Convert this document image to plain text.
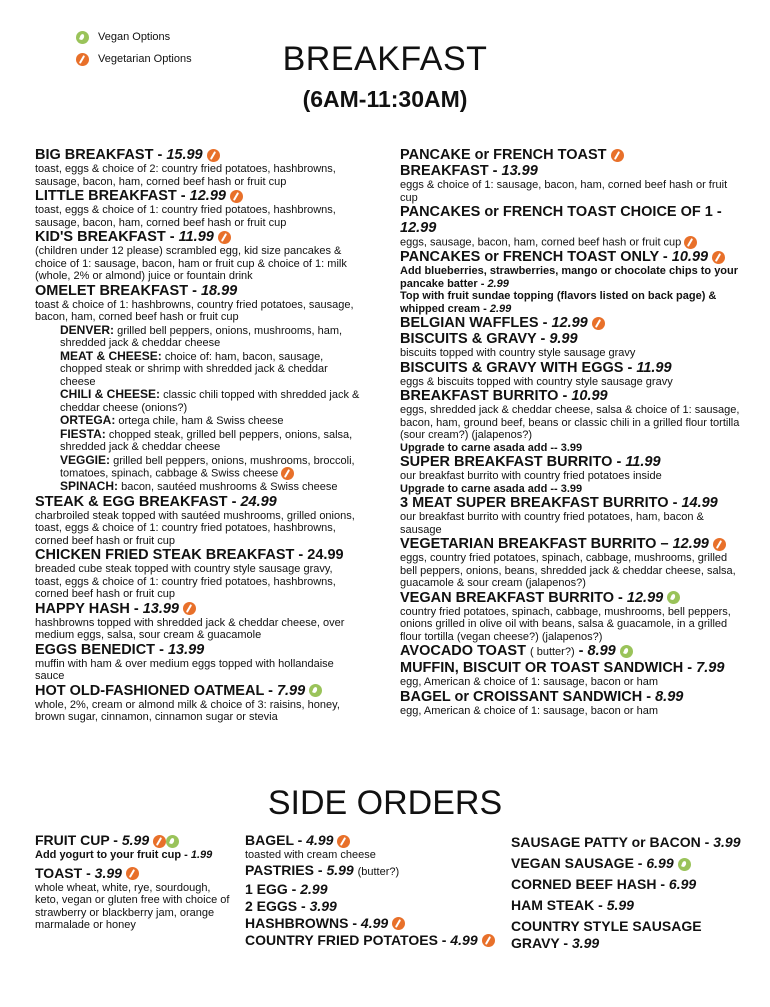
Vegan Options
Vegetarian Options	BREAKFAST
(6AM-11:30AM)
BIG BREAKFAST - 15.99
toast, eggs & choice of 2: country fried potatoes, hashbrowns, sausage, bacon, ham, corned beef hash or fruit cup
LITTLE BREAKFAST - 12.99
toast, eggs & choice of 1: country fried potatoes, hashbrowns, sausage, bacon, ham, corned beef hash or fruit cup
KID'S BREAKFAST - 11.99
(children under 12 please) scrambled egg, kid size pancakes & choice of 1: sausage, bacon, ham or fruit cup & choice of 1: milk (whole, 2% or almond) juice or fountain drink
OMELET BREAKFAST - 18.99
toast & choice of 1: hashbrowns, country fried potatoes, sausage, bacon, ham, corned beef hash or fruit cup
DENVER: grilled bell peppers, onions, mushrooms, ham, shredded jack & cheddar cheese
MEAT & CHEESE: choice of: ham, bacon, sausage, chopped steak or shrimp with shredded jack & cheddar cheese
CHILI & CHEESE: classic chili topped with shredded jack & cheddar cheese (onions?)
ORTEGA: ortega chile, ham & Swiss cheese
FIESTA: chopped steak, grilled bell peppers, onions, salsa, shredded jack & cheddar cheese
VEGGIE: grilled bell peppers, onions, mushrooms, broccoli, tomatoes, spinach, cabbage & Swiss cheese
SPINACH: bacon, sautéed mushrooms & Swiss cheese
STEAK & EGG BREAKFAST - 24.99
charbroiled steak topped with sautéed mushrooms, grilled onions, toast, eggs & choice of 1: country fried potatoes, hashbrowns, corned beef hash or fruit cup
CHICKEN FRIED STEAK BREAKFAST - 24.99
breaded cube steak topped with country style sausage gravy, toast, eggs & choice of 1: country fried potatoes, hashbrowns, corned beef hash or fruit cup
HAPPY HASH - 13.99
hashbrowns topped with shredded jack & cheddar cheese, over medium eggs, salsa, sour cream & guacamole
EGGS BENEDICT - 13.99
muffin with ham & over medium eggs topped with hollandaise sauce
HOT OLD-FASHIONED OATMEAL - 7.99
whole, 2%, cream or almond milk & choice of 3: raisins, honey, brown sugar, cinnamon, cinnamon sugar or stevia
PANCAKE or FRENCH TOAST
BREAKFAST - 13.99
eggs & choice of 1: sausage, bacon, ham, corned beef hash or fruit cup
PANCAKES or FRENCH TOAST CHOICE OF 1 - 12.99
eggs, sausage, bacon, ham, corned beef hash or fruit cup
PANCAKES or FRENCH TOAST ONLY - 10.99
Add blueberries, strawberries, mango or chocolate chips to your pancake batter - 2.99
Top with fruit sundae topping (flavors listed on back page) & whipped cream - 2.99
BELGIAN WAFFLES - 12.99
BISCUITS & GRAVY - 9.99
biscuits topped with country style sausage gravy
BISCUITS & GRAVY WITH EGGS - 11.99
eggs & biscuits topped with country style sausage gravy
BREAKFAST BURRITO - 10.99
eggs, shredded jack & cheddar cheese, salsa & choice of 1: sausage, bacon, ham, ground beef, beans or classic chili in a grilled flour tortilla (sour cream?) (jalapenos?)
Upgrade to carne asada add -- 3.99
SUPER BREAKFAST BURRITO - 11.99
our breakfast burrito with country fried potatoes inside
Upgrade to carne asada add -- 3.99
3 MEAT SUPER BREAKFAST BURRITO - 14.99
our breakfast burrito with country fried potatoes, ham, bacon & sausage
VEGETARIAN BREAKFAST BURRITO – 12.99
eggs, country fried potatoes, spinach, cabbage, mushrooms, grilled bell peppers, onions, beans, shredded jack & cheddar cheese, salsa, guacamole & sour cream (jalapenos?)
VEGAN BREAKFAST BURRITO - 12.99
country fried potatoes, spinach, cabbage, mushrooms, bell peppers, onions grilled in olive oil with beans, salsa & guacamole, in a grilled flour tortilla (vegan cheese?) (jalapenos?)
AVOCADO TOAST ( butter?) - 8.99
MUFFIN, BISCUIT OR TOAST SANDWICH - 7.99
egg, American & choice of 1: sausage, bacon or ham
BAGEL or CROISSANT SANDWICH - 8.99
egg, American & choice of 1: sausage, bacon or ham
SIDE ORDERS
FRUIT CUP - 5.99
Add yogurt to your fruit cup - 1.99
TOAST - 3.99
whole wheat, white, rye, sourdough, keto, vegan or gluten free with choice of strawberry or blackberry jam, orange marmalade or honey
BAGEL - 4.99
toasted with cream cheese
PASTRIES - 5.99 (butter?)
1 EGG - 2.99
2 EGGS - 3.99
HASHBROWNS - 4.99
COUNTRY FRIED POTATOES - 4.99
SAUSAGE PATTY or BACON - 3.99
VEGAN SAUSAGE - 6.99
CORNED BEEF HASH - 6.99
HAM STEAK - 5.99
COUNTRY STYLE SAUSAGE
GRAVY - 3.99
